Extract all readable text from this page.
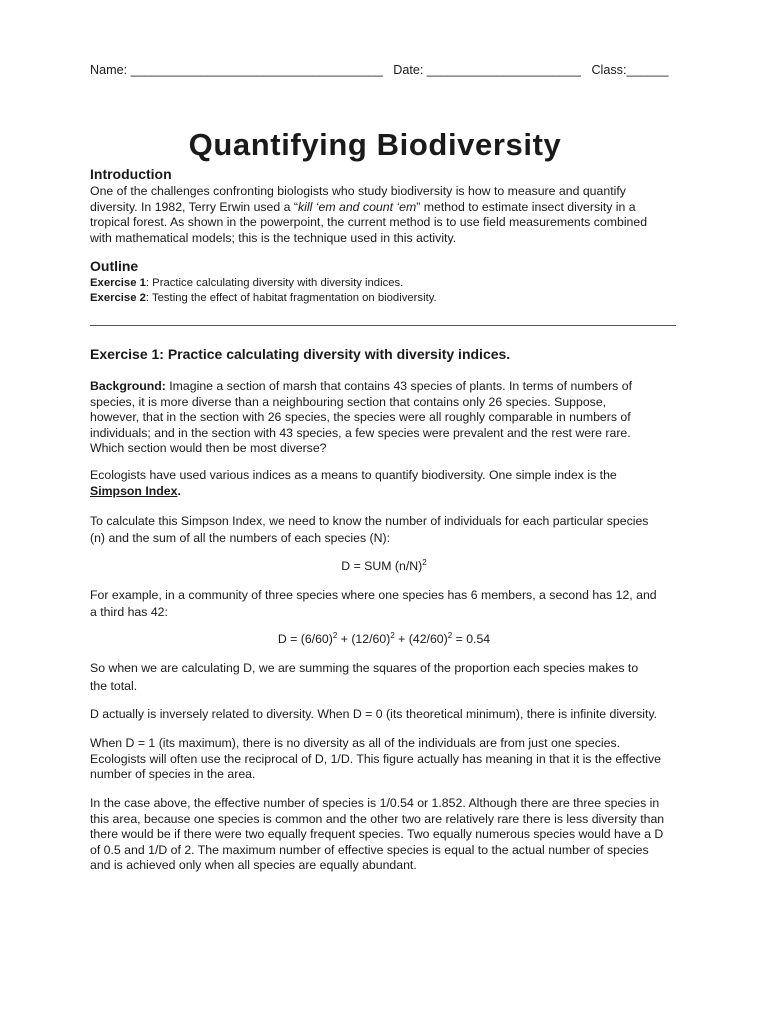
Name: ____________________________________ Date: ______________________ Class:______
Quantifying Biodiversity
Introduction
One of the challenges confronting biologists who study biodiversity is how to measure and quantify
diversity. In 1982, Terry Erwin used a “kill ‘em and count ‘em” method to estimate insect diversity in a
tropical forest. As shown in the powerpoint, the current method is to use field measurements combined
with mathematical models; this is the technique used in this activity.
Outline
Exercise 1: Practice calculating diversity with diversity indices.
Exercise 2: Testing the effect of habitat fragmentation on biodiversity.
Exercise 1: Practice calculating diversity with diversity indices.
Background: Imagine a section of marsh that contains 43 species of plants. In terms of numbers of
species, it is more diverse than a neighbouring section that contains only 26 species. Suppose,
however, that in the section with 26 species, the species were all roughly comparable in numbers of
individuals; and in the section with 43 species, a few species were prevalent and the rest were rare.
Which section would then be most diverse?
Ecologists have used various indices as a means to quantify biodiversity. One simple index is the
Simpson Index.
To calculate this Simpson Index, we need to know the number of individuals for each particular species
(n) and the sum of all the numbers of each species (N):
D = SUM $(n/N)^2$
For example, in a community of three species where one species has 6 members, a second has 12, and
a third has 42:
$D = (6/60)^2 + (12/60)^2 + (42/60)^2 = 0.54$
So when we are calculating D, we are summing the squares of the proportion each species makes to
the total.
D actually is inversely related to diversity. When D = 0 (its theoretical minimum), there is infinite diversity.
When D = 1 (its maximum), there is no diversity as all of the individuals are from just one species.
Ecologists will often use the reciprocal of D, 1/D. This figure actually has meaning in that it is the effective
number of species in the area.
In the case above, the effective number of species is 1/0.54 or 1.852. Although there are three species in
this area, because one species is common and the other two are relatively rare there is less diversity than
there would be if there were two equally frequent species. Two equally numerous species would have a D
of 0.5 and 1/D of 2. The maximum number of effective species is equal to the actual number of species
and is achieved only when all species are equally abundant.
